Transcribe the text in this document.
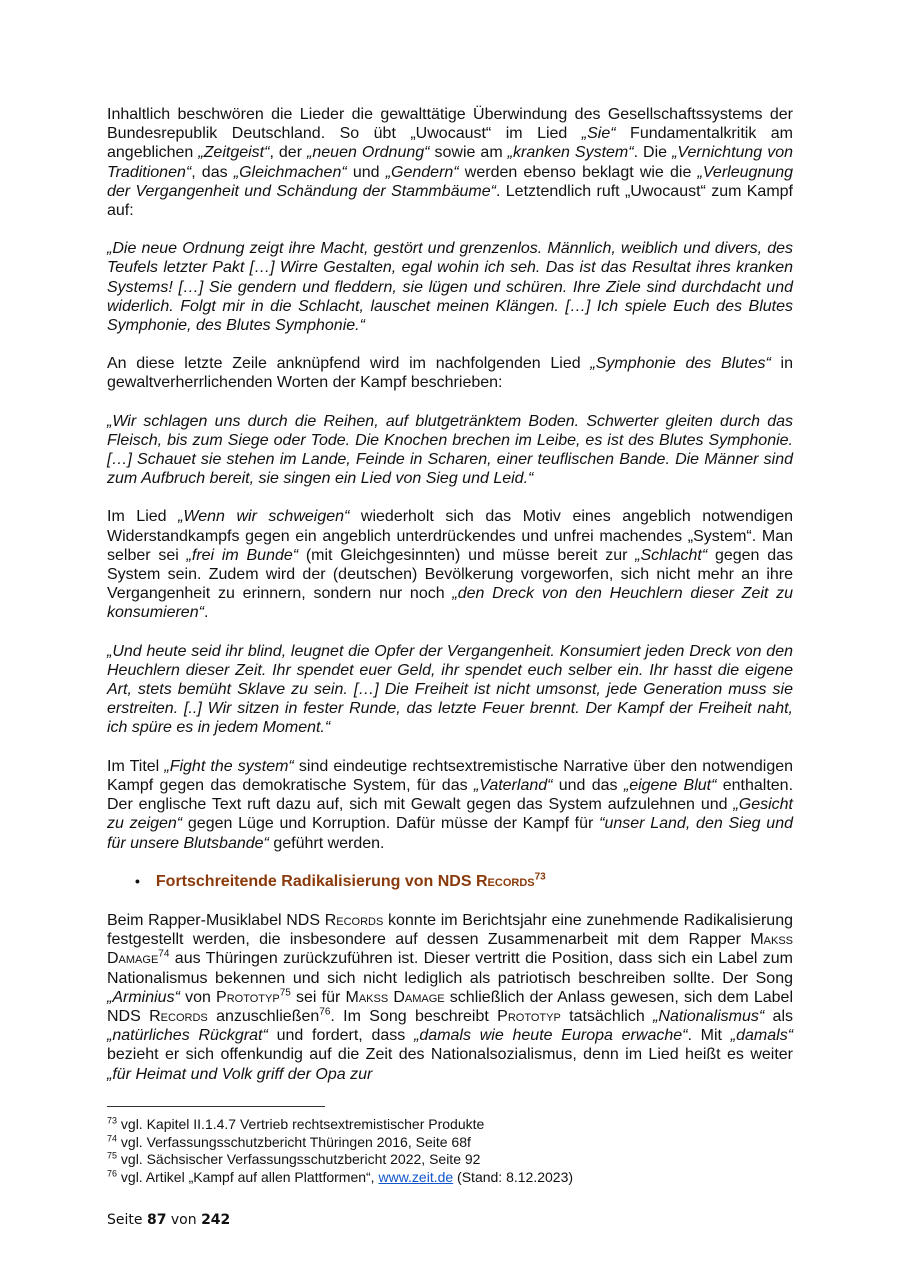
Inhaltlich beschwören die Lieder die gewalttätige Überwindung des Gesellschaftssystems der Bundesrepublik Deutschland. So übt „Uwocaust“ im Lied „Sie“ Fundamentalkritik am angeblichen „Zeitgeist“, der „neuen Ordnung“ sowie am „kranken System“. Die „Vernichtung von Traditionen“, das „Gleichmachen“ und „Gendern“ werden ebenso beklagt wie die „Verleugnung der Vergangenheit und Schändung der Stammbäume“. Letztendlich ruft „Uwocaust“ zum Kampf auf:

„Die neue Ordnung zeigt ihre Macht, gestört und grenzenlos. Männlich, weiblich und divers, des Teufels letzter Pakt […] Wirre Gestalten, egal wohin ich seh. Das ist das Resultat ihres kranken Systems! […] Sie gendern und fleddern, sie lügen und schüren. Ihre Ziele sind durchdacht und widerlich. Folgt mir in die Schlacht, lauschet meinen Klängen. […] Ich spiele Euch des Blutes Symphonie, des Blutes Symphonie.“

An diese letzte Zeile anknüpfend wird im nachfolgenden Lied „Symphonie des Blutes“ in gewaltverherrlichenden Worten der Kampf beschrieben:

„Wir schlagen uns durch die Reihen, auf blutgetränktem Boden. Schwerter gleiten durch das Fleisch, bis zum Siege oder Tode. Die Knochen brechen im Leibe, es ist des Blutes Symphonie. […] Schauet sie stehen im Lande, Feinde in Scharen, einer teuflischen Bande. Die Männer sind zum Aufbruch bereit, sie singen ein Lied von Sieg und Leid.“

Im Lied „Wenn wir schweigen“ wiederholt sich das Motiv eines angeblich notwendigen Widerstandkampfs gegen ein angeblich unterdrückendes und unfrei machendes „System“. Man selber sei „frei im Bunde“ (mit Gleichgesinnten) und müsse bereit zur „Schlacht“ gegen das System sein. Zudem wird der (deutschen) Bevölkerung vorgeworfen, sich nicht mehr an ihre Vergangenheit zu erinnern, sondern nur noch „den Dreck von den Heuchlern dieser Zeit zu konsumieren“.

„Und heute seid ihr blind, leugnet die Opfer der Vergangenheit. Konsumiert jeden Dreck von den Heuchlern dieser Zeit. Ihr spendet euer Geld, ihr spendet euch selber ein. Ihr hasst die eigene Art, stets bemüht Sklave zu sein. […] Die Freiheit ist nicht umsonst, jede Generation muss sie erstreiten. [..] Wir sitzen in fester Runde, das letzte Feuer brennt. Der Kampf der Freiheit naht, ich spüre es in jedem Moment.“

Im Titel „Fight the system“ sind eindeutige rechtsextremistische Narrative über den notwendigen Kampf gegen das demokratische System, für das „Vaterland“ und das „eigene Blut“ enthalten. Der englische Text ruft dazu auf, sich mit Gewalt gegen das System aufzulehnen und „Gesicht zu zeigen“ gegen Lüge und Korruption. Dafür müsse der Kampf für “unser Land, den Sieg und für unsere Blutsbande“ geführt werden.

• Fortschreitende Radikalisierung von NDS Records$^{73}$

Beim Rapper-Musiklabel NDS Records konnte im Berichtsjahr eine zunehmende Radikalisierung festgestellt werden, die insbesondere auf dessen Zusammenarbeit mit dem Rapper Makss Damage$^{74}$ aus Thüringen zurückzuführen ist. Dieser vertritt die Position, dass sich ein Label zum Nationalismus bekennen und sich nicht lediglich als patriotisch beschreiben sollte. Der Song „Arminius“ von Prototyp$^{75}$ sei für Makss Damage schließlich der Anlass gewesen, sich dem Label NDS Records anzuschließen$^{76}$. Im Song beschreibt Prototyp tatsächlich „Nationalismus“ als „natürliches Rückgrat“ und fordert, dass „damals wie heute Europa erwache“. Mit „damals“ bezieht er sich offenkundig auf die Zeit des Nationalsozialismus, denn im Lied heißt es weiter „für Heimat und Volk griff der Opa zur

$^{73}$ vgl. Kapitel II.1.4.7 Vertrieb rechtsextremistischer Produkte
$^{74}$ vgl. Verfassungsschutzbericht Thüringen 2016, Seite 68f
$^{75}$ vgl. Sächsischer Verfassungsschutzbericht 2022, Seite 92
$^{76}$ vgl. Artikel „Kampf auf allen Plattformen“, www.zeit.de (Stand: 8.12.2023)
Seite 87 von 242
